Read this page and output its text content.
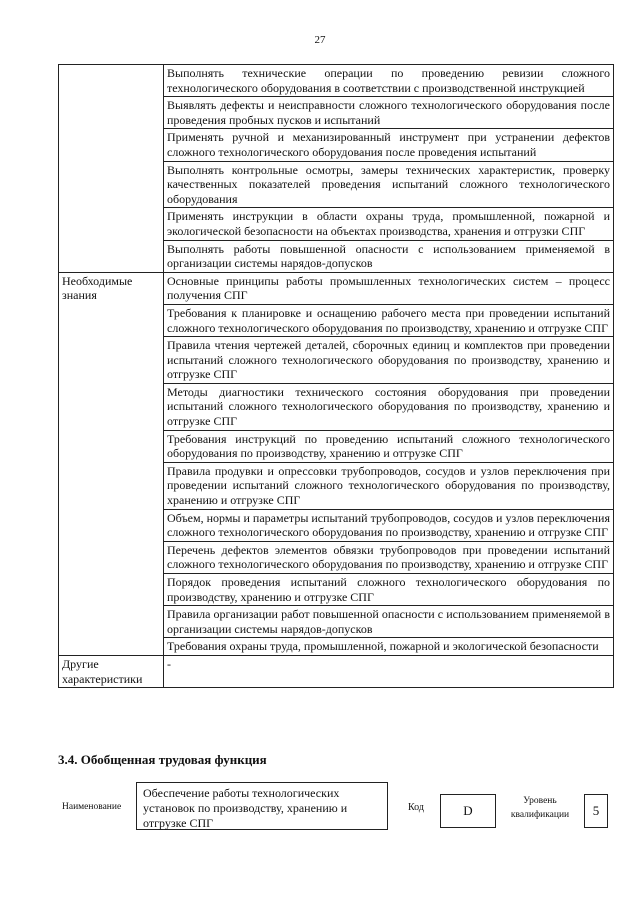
27
	Выполнять технические операции по проведению ревизии сложного технологического оборудования в соответствии с производственной инструкцией
	Выявлять дефекты и неисправности сложного технологического оборудования после проведения пробных пусков и испытаний
	Применять ручной и механизированный инструмент при устранении дефектов сложного технологического оборудования после проведения испытаний
	Выполнять контрольные осмотры, замеры технических характеристик, проверку качественных показателей проведения испытаний сложного технологического оборудования
	Применять инструкции в области охраны труда, промышленной, пожарной и экологической безопасности на объектах производства, хранения и отгрузки СПГ
	Выполнять работы повышенной опасности с использованием применяемой в организации системы нарядов-допусков
Необходимые знания	Основные принципы работы промышленных технологических систем – процесс получения СПГ
	Требования к планировке и оснащению рабочего места при проведении испытаний сложного технологического оборудования по производству, хранению и отгрузке СПГ
	Правила чтения чертежей деталей, сборочных единиц и комплектов при проведении испытаний сложного технологического оборудования по производству, хранению и отгрузке СПГ
	Методы диагностики технического состояния оборудования при проведении испытаний сложного технологического оборудования по производству, хранению и отгрузке СПГ
	Требования инструкций по проведению испытаний сложного технологического оборудования по производству, хранению и отгрузке СПГ
	Правила продувки и опрессовки трубопроводов, сосудов и узлов переключения при проведении испытаний сложного технологического оборудования по производству, хранению и отгрузке СПГ
	Объем, нормы и параметры испытаний трубопроводов, сосудов и узлов переключения сложного технологического оборудования по производству, хранению и отгрузке СПГ
	Перечень дефектов элементов обвязки трубопроводов при проведении испытаний сложного технологического оборудования по производству, хранению и отгрузке СПГ
	Порядок проведения испытаний сложного технологического оборудования по производству, хранению и отгрузке СПГ
	Правила организации работ повышенной опасности с использованием применяемой в организации системы нарядов-допусков
	Требования охраны труда, промышленной, пожарной и экологической безопасности
Другие характеристики	-
3.4. Обобщенная трудовая функция
Наименование
Обеспечение работы технологических установок по производству, хранению и отгрузке СПГ
Код	D
Уровень квалификации	5
